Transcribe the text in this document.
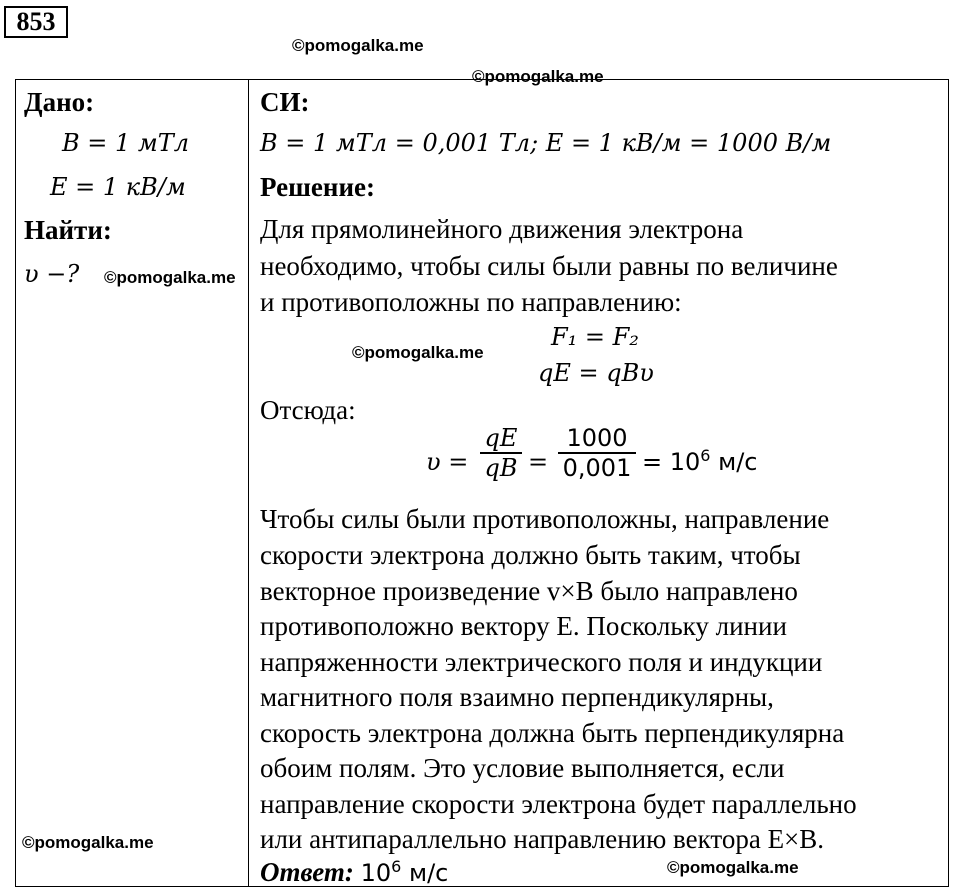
853
©pomogalka.me
©pomogalka.me
©pomogalka.me
©pomogalka.me
©pomogalka.me
©pomogalka.me
Дано:
B = 1 мТл
E = 1 кВ/м
Найти:
υ −?
СИ:
B = 1 мТл = 0,001 Тл; E = 1 кВ/м = 1000 В/м
Решение:
Для прямолинейного движения электрона
необходимо, чтобы силы были равны по величине
и противоположны по направлению:
F₁ = F₂
qE = qBυ
Отсюда:
$\upsilon = \frac{qE}{qB} = \frac{1000}{0,001} = 10^6$ м/с
Чтобы силы были противоположны, направление
скорости электрона должно быть таким, чтобы
векторное произведение v×B было направлено
противоположно вектору E. Поскольку линии
напряженности электрического поля и индукции
магнитного поля взаимно перпендикулярны,
скорость электрона должна быть перпендикулярна
обоим полям. Это условие выполняется, если
направление скорости электрона будет параллельно
или антипараллельно направлению вектора E×B.
Ответ: $10^6$ м/с
